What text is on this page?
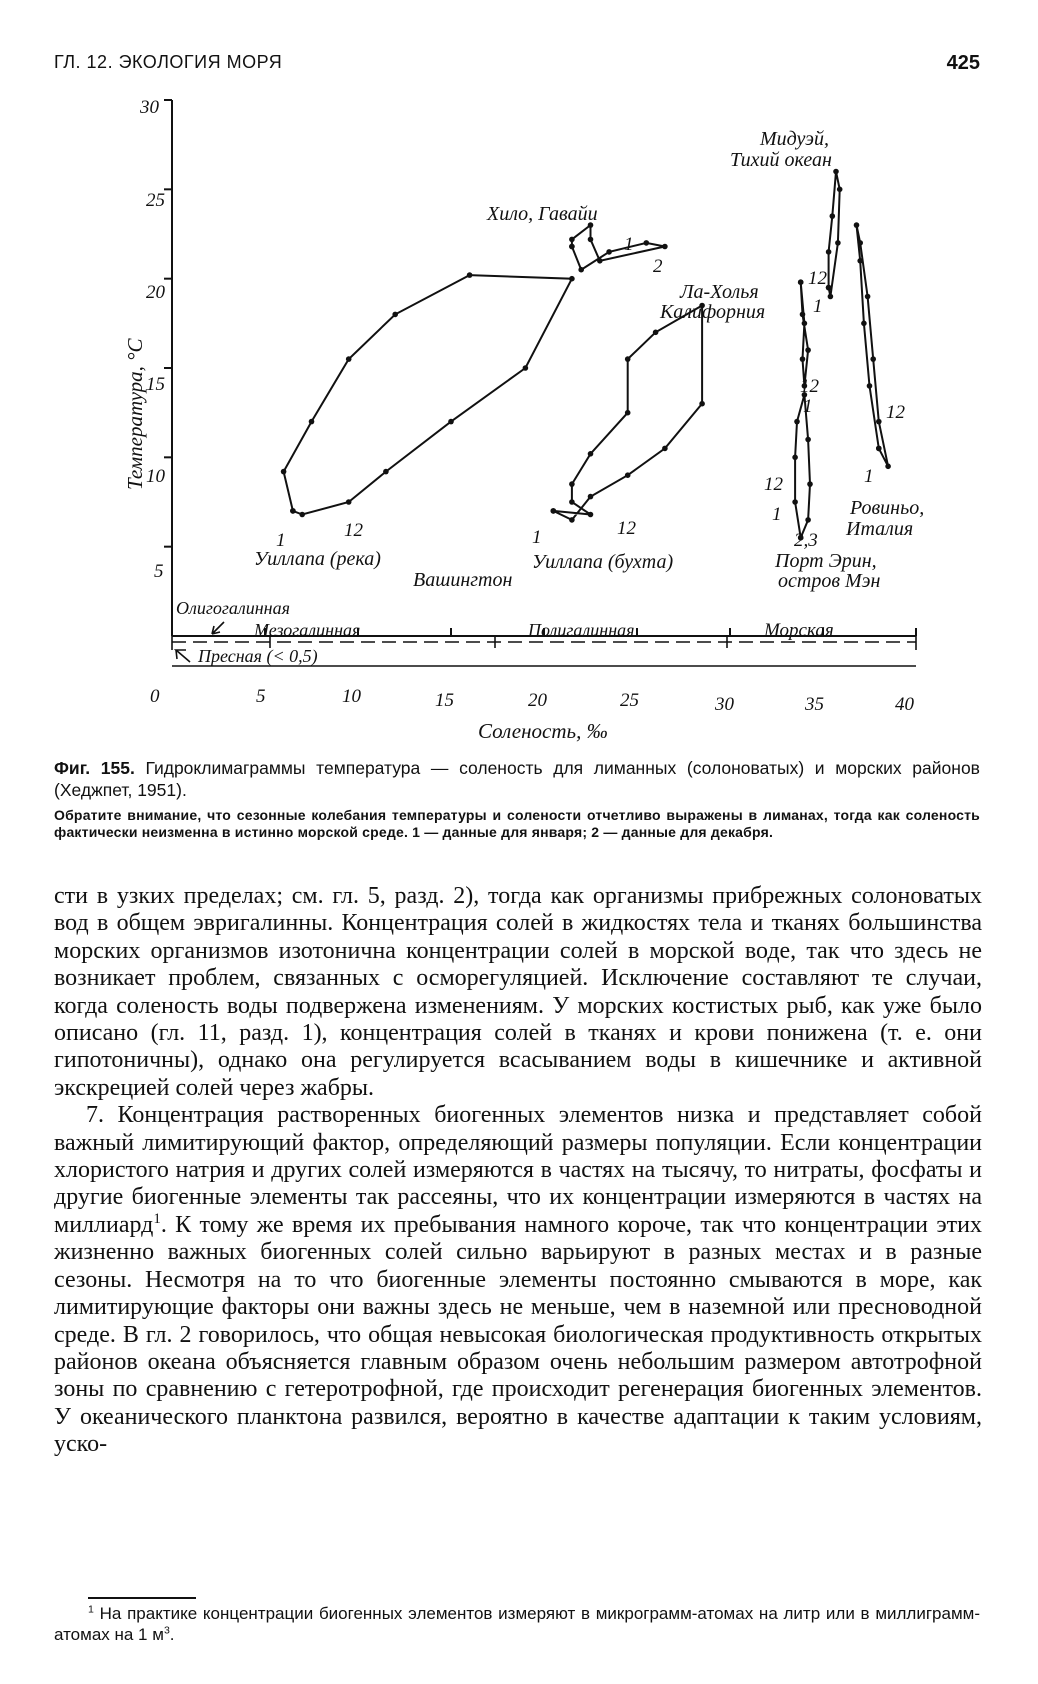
ГЛ. 12. ЭКОЛОГИЯ МОРЯ	425
30
25
20
15
10
5
0	5	10	15	20	25	30	35	40
Температура, °С
Соленость, ‰
Олигогалинная
Мезогалинная	Полигалинная	Морская
Пресная (< 0,5)
Уиллапа (река)
Вашингтон
Уиллапа (бухта)
Хило, Гавайи
Ла-Холья
Калифорния
Мидуэй,
Тихий океан
Ровиньо,
Италия
Порт Эрин,
остров Мэн
1	12	1	12
1
2
12
1
2,3
12
1
12
1
12
1

Фиг. 155. Гидроклимаграммы температура — соленость для лиманных (солоноватых) и морских районов (Хеджпет, 1951).

Обратите внимание, что сезонные колебания температуры и солености отчетливо выражены в лиманах, тогда как соленость фактически неизменна в истинно морской среде. 1 — данные для января; 2 — данные для декабря.

сти в узких пределах; см. гл. 5, разд. 2), тогда как организмы прибрежных солоноватых вод в общем эвригалинны. Концентрация солей в жидкостях тела и тканях большинства морских организмов изотонична концентрации солей в морской воде, так что здесь не возникает проблем, связанных с осморегуляцией. Исключение составляют те случаи, когда соленость воды подвержена изменениям. У морских костистых рыб, как уже было описано (гл. 11, разд. 1), концентрация солей в тканях и крови понижена (т. е. они гипотоничны), однако она регулируется всасыванием воды в кишечнике и активной экскрецией солей через жабры.

7. Концентрация растворенных биогенных элементов низка и представляет собой важный лимитирующий фактор, определяющий размеры популяции. Если концентрации хлористого натрия и других солей измеряются в частях на тысячу, то нитраты, фосфаты и другие биогенные элементы так рассеяны, что их концентрации измеряются в частях на миллиард$^1$. К тому же время их пребывания намного короче, так что концентрации этих жизненно важных биогенных солей сильно варьируют в разных местах и в разные сезоны. Несмотря на то что биогенные элементы постоянно смываются в море, как лимитирующие факторы они важны здесь не меньше, чем в наземной или пресноводной среде. В гл. 2 говорилось, что общая невысокая биологическая продуктивность открытых районов океана объясняется главным образом очень небольшим размером автотрофной зоны по сравнению с гетеротрофной, где происходит регенерация биогенных элементов. У океанического планктона развился, вероятно в качестве адаптации к таким условиям, уско-

$^1$ На практике концентрации биогенных элементов измеряют в микрограмм-атомах на литр или в миллиграмм-атомах на 1 $м^3$.
